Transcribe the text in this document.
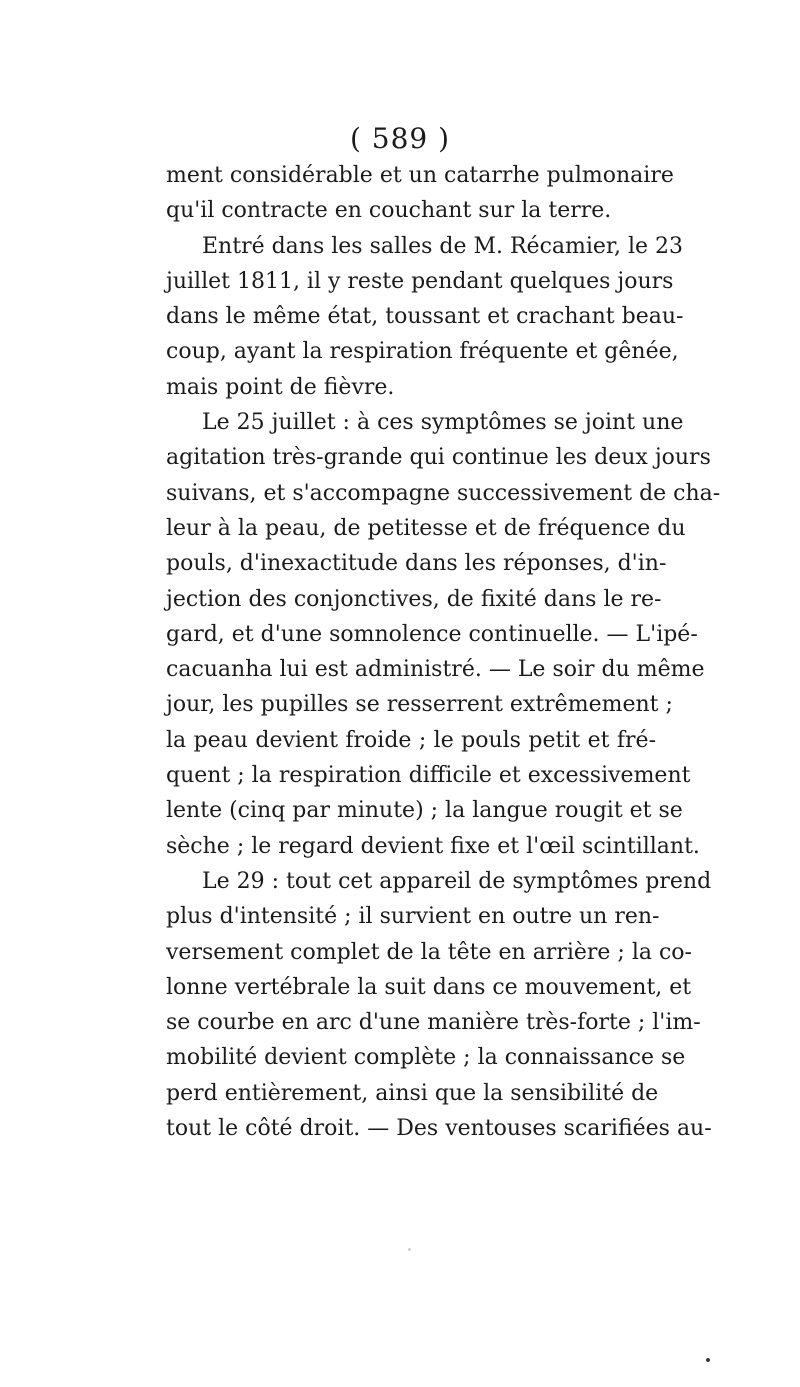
( 589 )
ment considérable et un catarrhe pulmonaire
qu'il contracte en couchant sur la terre.
Entré dans les salles de M. Récamier, le 23
juillet 1811, il y reste pendant quelques jours
dans le même état, toussant et crachant beau-
coup, ayant la respiration fréquente et gênée,
mais point de fièvre.
Le 25 juillet : à ces symptômes se joint une
agitation très-grande qui continue les deux jours
suivans, et s'accompagne successivement de cha-
leur à la peau, de petitesse et de fréquence du
pouls, d'inexactitude dans les réponses, d'in-
jection des conjonctives, de fixité dans le re-
gard, et d'une somnolence continuelle. — L'ipé-
cacuanha lui est administré. — Le soir du même
jour, les pupilles se resserrent extrêmement ;
la peau devient froide ; le pouls petit et fré-
quent ; la respiration difficile et excessivement
lente (cinq par minute) ; la langue rougit et se
sèche ; le regard devient fixe et l'œil scintillant.
Le 29 : tout cet appareil de symptômes prend
plus d'intensité ; il survient en outre un ren-
versement complet de la tête en arrière ; la co-
lonne vertébrale la suit dans ce mouvement, et
se courbe en arc d'une manière très-forte ; l'im-
mobilité devient complète ; la connaissance se
perd entièrement, ainsi que la sensibilité de
tout le côté droit. — Des ventouses scarifiées au-
